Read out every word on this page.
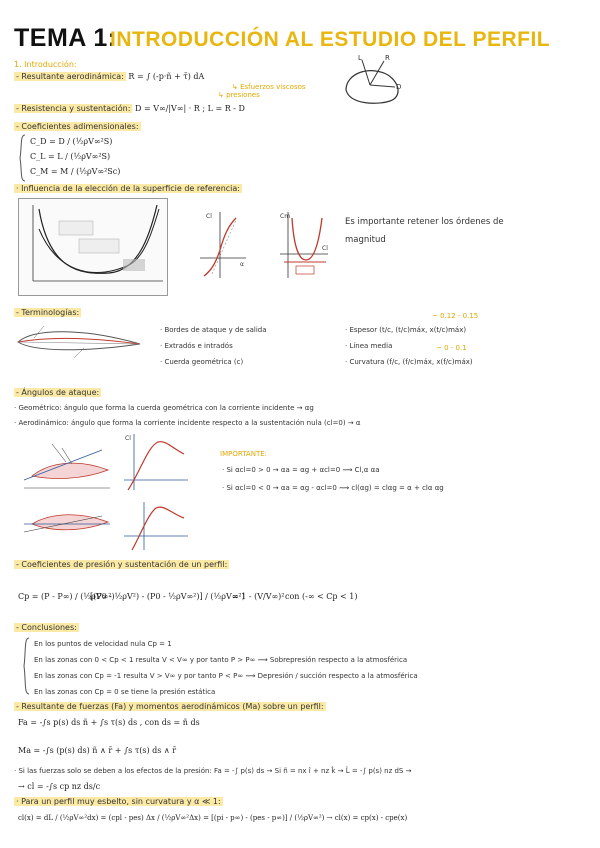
TEMA 1:
INTRODUCCIÓN AL ESTUDIO DEL PERFIL
L	R
D
1. Introducción:
- Resultante aerodinámica: R = ∫ (-p·ñ + τ̄) dA
↳ Esfuerzos viscosos
↳ presiones
- Resistencia y sustentación: D = V∞/|V∞| · R ; L = R - D
- Coeficientes adimensionales:
C_D = D / (½ρV∞²S)
C_L = L / (½ρV∞²S)
C_M = M / (½ρV∞²Sc)
· Influencia de la elección de la superficie de referencia:
Cl
α
Cm
Cl
Es importante retener los órdenes de magnitud
- Terminologías:
· Bordes de ataque y de salida
· Extradós e intradós
· Cuerda geométrica (c)
~ 0.12 - 0.15
· Espesor (t/c, (t/c)máx, x(t/c)máx)
· Línea media	~ 0 - 0.1
· Curvatura (f/c, (f/c)máx, x(f/c)máx)
- Ángulos de ataque:
· Geométrico: ángulo que forma la cuerda geométrica con la corriente incidente → αg
· Aerodinámico: ángulo que forma la corriente incidente respecto a la sustentación nula (cl=0) → α
Cl
IMPORTANTE:
· Si αcl=0 > 0 → αa = αg + αcl=0 ⟿ Cl,α αa
· Si αcl=0 < 0 → αa = αg - αcl=0 ⟿ cl(αg) = clαg = α + clα αg
- Coeficientes de presión y sustentación de un perfil:
Cp = (P - P∞) / (½ρV∞²)
[(P0 - ½ρV²) - (P0 - ½ρV∞²)] / (½ρV∞²)
= 1 - (V/V∞)² con (-∞ < Cp < 1)
- Conclusiones:
En los puntos de velocidad nula Cp = 1
En las zonas con 0 < Cp < 1 resulta V < V∞ y por tanto P > P∞ ⟿ Sobrepresión respecto a la atmosférica
En las zonas con Cp = -1 resulta V > V∞ y por tanto P < P∞ ⟿ Depresión / succión respecto a la atmosférica
En las zonas con Cp = 0 se tiene la presión estática
- Resultante de fuerzas (Fa) y momentos aerodinámicos (Ma) sobre un perfil:
Fa = -∫s p(s) ds ñ + ∫s τ(s) ds , con ds = ñ ds
Ma = -∫s (p(s) ds) ñ ∧ r̄ + ∫s τ(s) ds ∧ r̄
· Si las fuerzas solo se deben a los efectos de la presión: Fa = -∫ p(s) ds → Si ñ = nx î + nz k̂ → L̂ = -∫ p(s) nz dS →
→ cl = -∫s cp nz ds/c
· Para un perfil muy esbelto, sin curvatura y α ≪ 1:
cl(x) = dL / (½ρV∞²dx) = (cpl - pes) Δx / (½ρV∞²Δx) = [(pi - p∞) - (pes - p∞)] / (½ρV∞²) → cl(x) = cp(x) - cpe(x)
